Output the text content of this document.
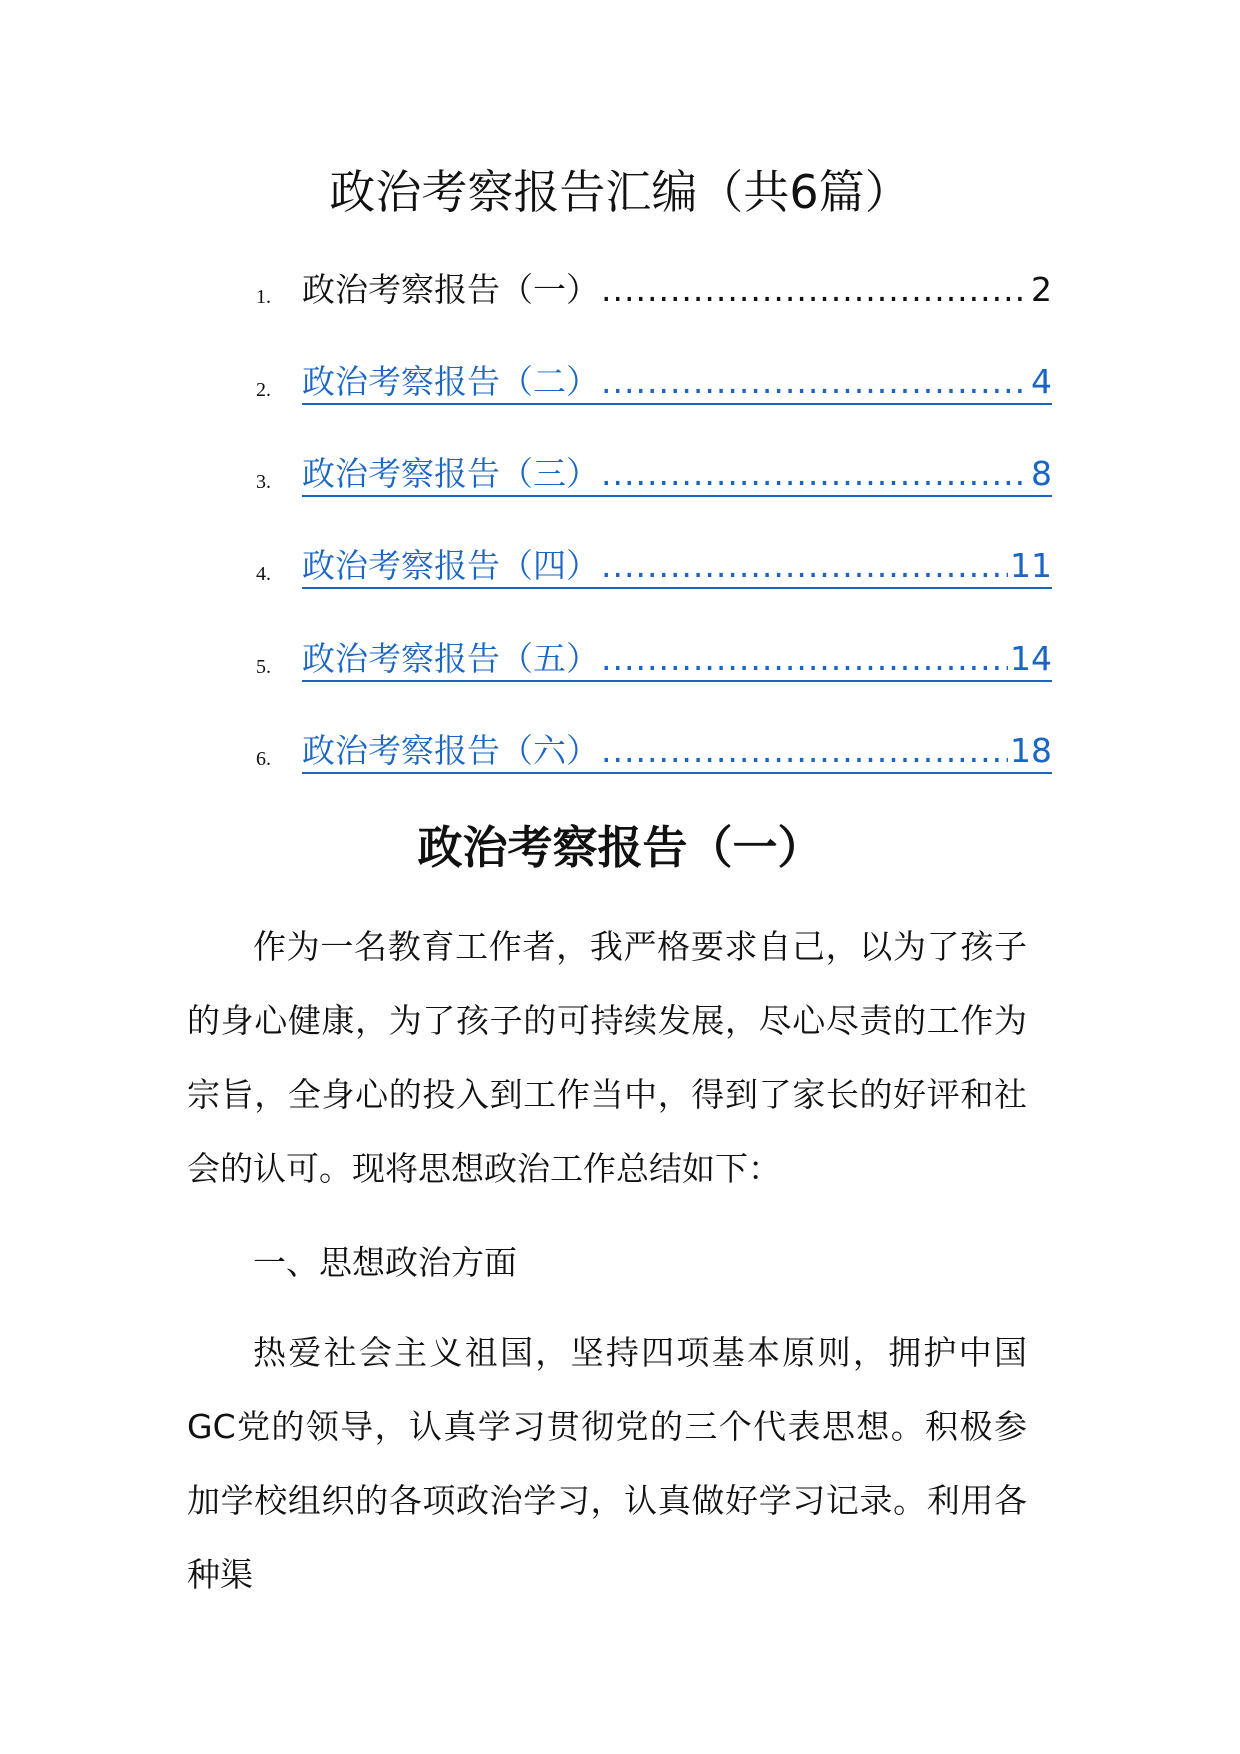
政治考察报告汇编（共6篇）
1. 政治考察报告（一） .....	2
2. 政治考察报告（二） .....	4
3. 政治考察报告（三） .....	8
4. 政治考察报告（四） .....	11
5. 政治考察报告（五） .....	14
6. 政治考察报告（六） .....	18
政治考察报告（一）

作为一名教育工作者，我严格要求自己，以为了孩子的身心健康，为了孩子的可持续发展，尽心尽责的工作为宗旨，全身心的投入到工作当中，得到了家长的好评和社会的认可。现将思想政治工作总结如下：

一、思想政治方面

热爱社会主义祖国，坚持四项基本原则，拥护中国GC党的领导，认真学习贯彻党的三个代表思想。积极参加学校组织的各项政治学习，认真做好学习记录。利用各种渠
